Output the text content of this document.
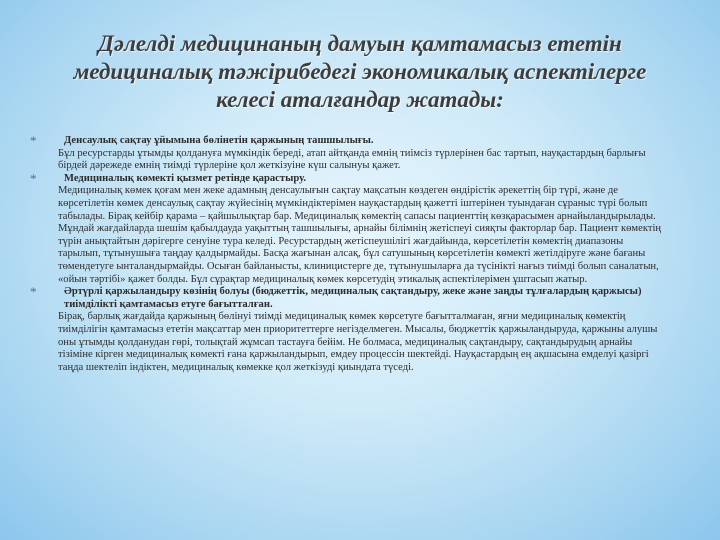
Дәлелді медицинаның дамуын қамтамасыз ететін
медициналық тәжірибедегі экономикалық аспектілерге
келесі аталғандар жатады:
*	Денсаулық сақтау ұйымына бөлінетін қаржының ташшылығы.

Бұл ресурстарды ұтымды қолдануға мүмкіндік береді, атап айтқанда емнің тиімсіз түрлерінен бас тартып, науқастардың барлығы бірдей дәрежеде емнің тиімді түрлеріне қол жеткізуіне күш салынуы қажет.

*	Медициналық көмекті қызмет ретінде қарастыру.

Медициналық көмек қоғам мен жеке адамның денсаулығын сақтау мақсатын көздеген өндірістік әрекеттің бір түрі, және де көрсетілетін көмек денсаулық сақтау жүйесінің мүмкіндіктерімен науқастардың қажетті іштерінен туындаған сұраныс түрі болып табылады. Бірақ кейбір қарама – қайшылықтар бар. Медициналық көмектің сапасы пациенттің көзқарасымен арнайыландырылады. Мұндай жағдайларда шешім қабылдауда уақыттың ташшылығы, арнайы білімнің жетіспеуі сияқты факторлар бар. Пациент көмектің түрін анықтайтын дәрігерге сенуіне тура келеді. Ресурстардың жетіспеушілігі жағдайында, көрсетілетін көмектің диапазоны тарылып, тұтынушыға таңдау қалдырмайды. Басқа жағынан алсақ, бұл сатушының көрсетілетін көмекті жетілдіруге және бағаны төмендетуге ынталандырмайды. Осыған байланысты, клиницистерге де, тұтынушыларға да түсінікті нағыз тиімді болып саналатын, «ойын тәртібі» қажет болды. Бұл сұрақтар медициналық көмек көрсетудің этикалық аспектілерімен ұштасып жатыр.

*	Әртүрлі қаржыландыру көзінің болуы (бюджеттік, медициналық сақтандыру, жеке және заңды тұлғалардың қаржысы) тиімділікті қамтамасыз етуге бағытталған.

Бірақ, барлық жағдайда қаржының бөлінуі тиімді медициналық көмек көрсетуге бағытталмаған, яғни медициналық көмектің тиімділігін қамтамасыз ететін мақсаттар мен приоритеттерге негізделмеген. Мысалы, бюджеттік қаржыландыруда, қаржыны алушы оны ұтымды қолданудан гөрі, толықтай жұмсап тастауға бейім. Не болмаса, медициналық сақтандыру, сақтандырудың арнайы тізіміне кірген медициналық көмекті ғана қаржыландырып, емдеу процессін шектейді. Науқастардың ең ақшасына емделуі қазіргі таңда шектеліп індіктен, медициналық көмекке қол жеткізуді қиындата түседі.
